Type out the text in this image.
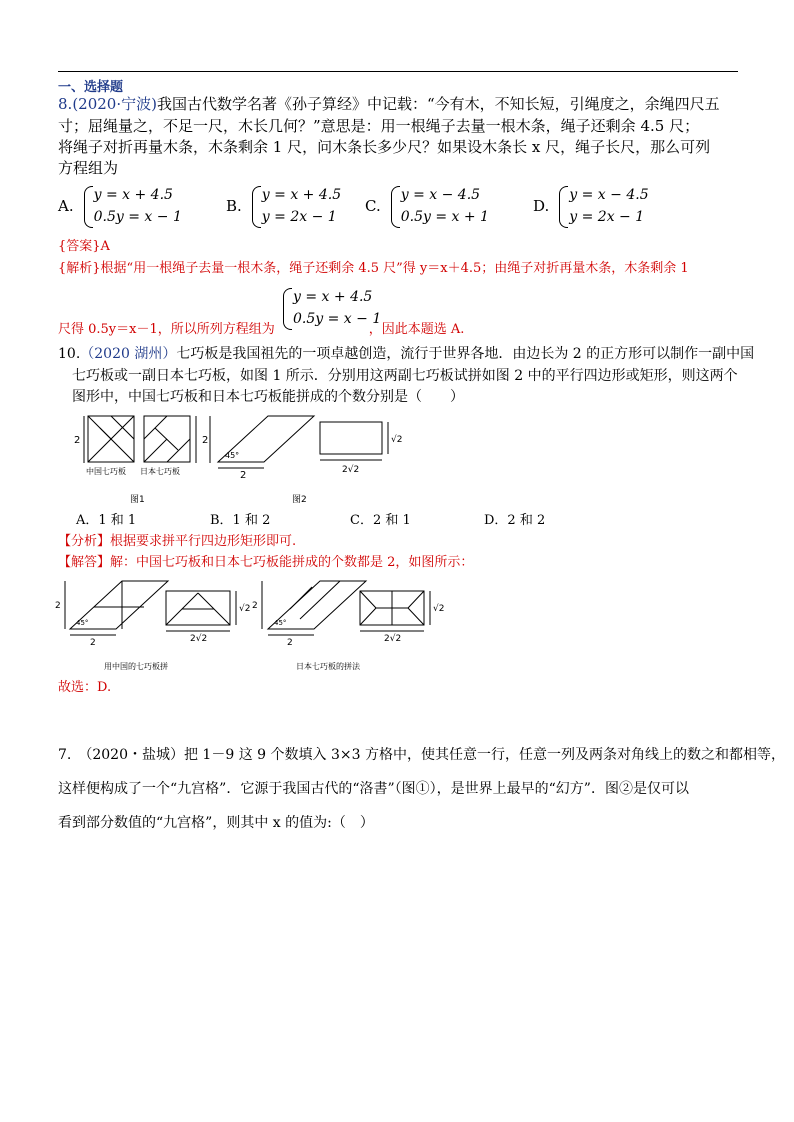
一、选择题
8.(2020·宁波)我国古代数学名著《孙子算经》中记载：“今有木，不知长短，引绳度之，余绳四尺五
寸；屈绳量之，不足一尺，木长几何？”意思是：用一根绳子去量一根木条，绳子还剩余 4.5 尺；
将绳子对折再量木条，木条剩余 1 尺，问木条长多少尺？如果设木条长 x 尺，绳子长尺，那么可列
方程组为
A.
y = x + 4.5
0.5y = x − 1
B.
y = x + 4.5
y = 2x − 1
C.
y = x − 4.5
0.5y = x + 1
D.
y = x − 4.5
y = 2x − 1
{答案}A
{解析}根据“用一根绳子去量一根木条，绳子还剩余 4.5 尺”得 y＝x＋4.5；由绳子对折再量木条，木条剩余 1
y = x + 4.5
0.5y = x − 1
尺得 0.5y＝x－1，所以所列方程组为	，因此本题选 A.
10.（2020 湖州）七巧板是我国祖先的一项卓越创造，流行于世界各地．由边长为 2 的正方形可以制作一副中国
七巧板或一副日本七巧板，如图 1 所示．分别用这两副七巧板试拼如图 2 中的平行四边形或矩形，则这两个
图形中，中国七巧板和日本七巧板能拼成的个数分别是（　　）
2	2
45°
2
√2
2√2
中国七巧板 日本七巧板
图1	图2
A．1 和 1	B．1 和 2	C．2 和 1	D．2 和 2
【分析】根据要求拼平行四边形矩形即可.
【解答】解：中国七巧板和日本七巧板能拼成的个数都是 2，如图所示：
2
2
45°
√2
2√2
2
2
45°
√2
2√2
用中国的七巧板拼	日本七巧板的拼法
故选：D.
7.　（2020・盐城）把 1－9 这 9 个数填入 3×3 方格中，使其任意一行，任意一列及两条对角线上的数之和都相等，
这样便构成了一个“九宫格”．它源于我国古代的“洛書”（图①），是世界上最早的“幻方”．图②是仅可以
看到部分数值的“九宫格”，则其中 x 的值为:（　）
